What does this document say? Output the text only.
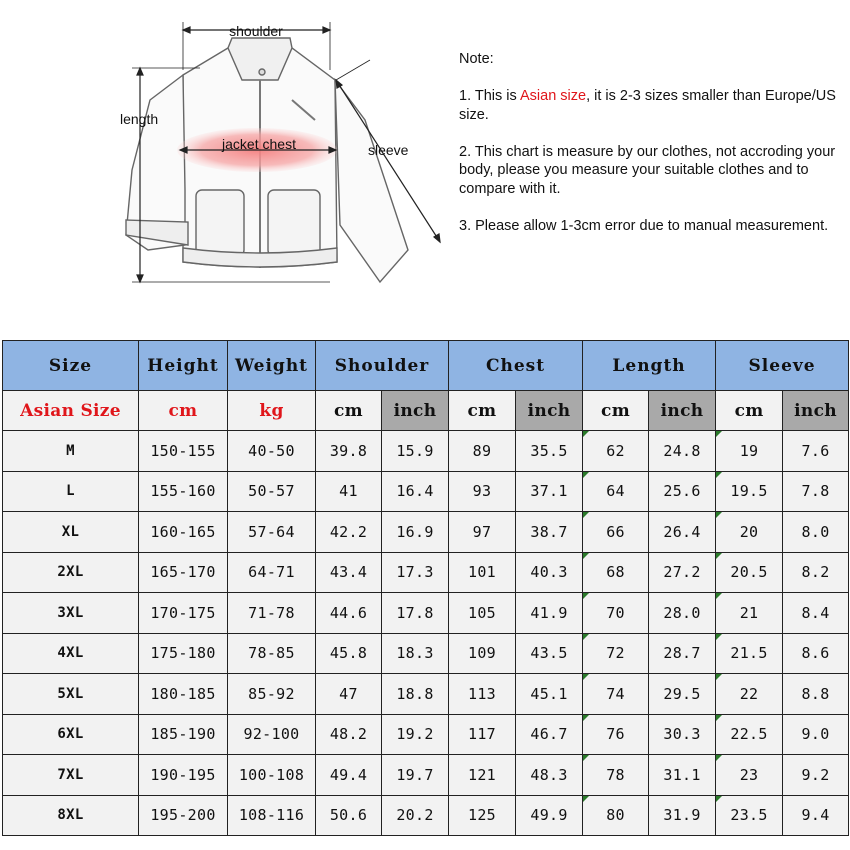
shoulder
length
jacket chest	sleeve

Note:

1. This is Asian size, it is 2-3 sizes smaller than Europe/US size.

2. This chart is measure by our clothes, not accroding your body, please you measure your suitable clothes and to compare with it.

3. Please allow 1-3cm error due to manual measurement.

Size	Height	Weight	Shoulder		Chest		Length		Sleeve	
Asian Size	cm	kg	cm	inch	cm	inch	cm	inch	cm	inch
M	150-155	40-50	39.8	15.9	89	35.5	62	24.8	19	7.6
L	155-160	50-57	41	16.4	93	37.1	64	25.6	19.5	7.8
XL	160-165	57-64	42.2	16.9	97	38.7	66	26.4	20	8.0
2XL	165-170	64-71	43.4	17.3	101	40.3	68	27.2	20.5	8.2
3XL	170-175	71-78	44.6	17.8	105	41.9	70	28.0	21	8.4
4XL	175-180	78-85	45.8	18.3	109	43.5	72	28.7	21.5	8.6
5XL	180-185	85-92	47	18.8	113	45.1	74	29.5	22	8.8
6XL	185-190	92-100	48.2	19.2	117	46.7	76	30.3	22.5	9.0
7XL	190-195	100-108	49.4	19.7	121	48.3	78	31.1	23	9.2
8XL	195-200	108-116	50.6	20.2	125	49.9	80	31.9	23.5	9.4
